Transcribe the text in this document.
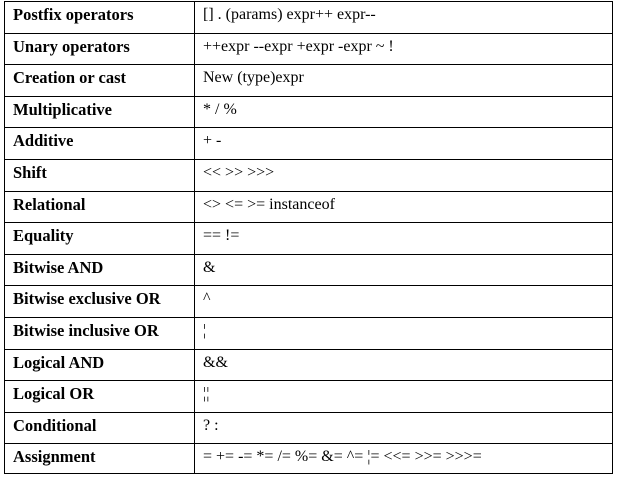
Postfix operators	[] . (params) expr++ expr--
Unary operators	++expr --expr +expr -expr ~ !
Creation or cast	New (type)expr
Multiplicative	* / %
Additive	+ -
Shift	<< >> >>>
Relational	<> <= >= instanceof
Equality	== !=
Bitwise AND	&
Bitwise exclusive OR	^
Bitwise inclusive OR	¦
Logical AND	&&
Logical OR	¦¦
Conditional	? :
Assignment	= += -= *= /= %= &= ^= ¦= <<= >>= >>>=
